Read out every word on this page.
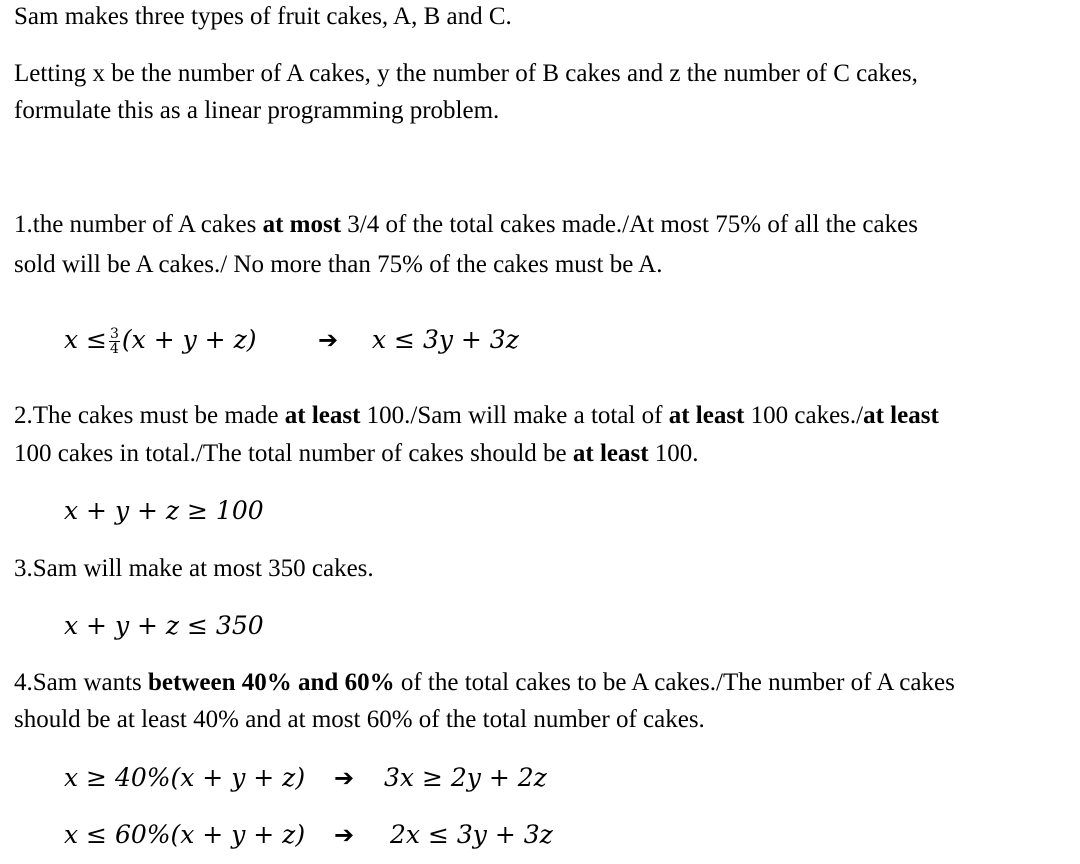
Sam makes three types of fruit cakes, A, B and C.
Letting x be the number of A cakes, y the number of B cakes and z the number of C cakes,
formulate this as a linear programming problem.
1.the number of A cakes at most 3/4 of the total cakes made./At most 75% of all the cakes
sold will be A cakes./ No more than 75% of the cakes must be A.
$x \le \frac{3}{4} (x + y + z)$	➔ x ≤ 3y + 3z
2.The cakes must be made at least 100./Sam will make a total of at least 100 cakes./at least
100 cakes in total./The total number of cakes should be at least 100.
x + y + z ≥ 100
3.Sam will make at most 350 cakes.
x + y + z ≤ 350
4.Sam wants between 40% and 60% of the total cakes to be A cakes./The number of A cakes
should be at least 40% and at most 60% of the total number of cakes.
x ≥ 40%(x + y + z) ➔ 3x ≥ 2y + 2z
x ≤ 60%(x + y + z) ➔ 2x ≤ 3y + 3z
